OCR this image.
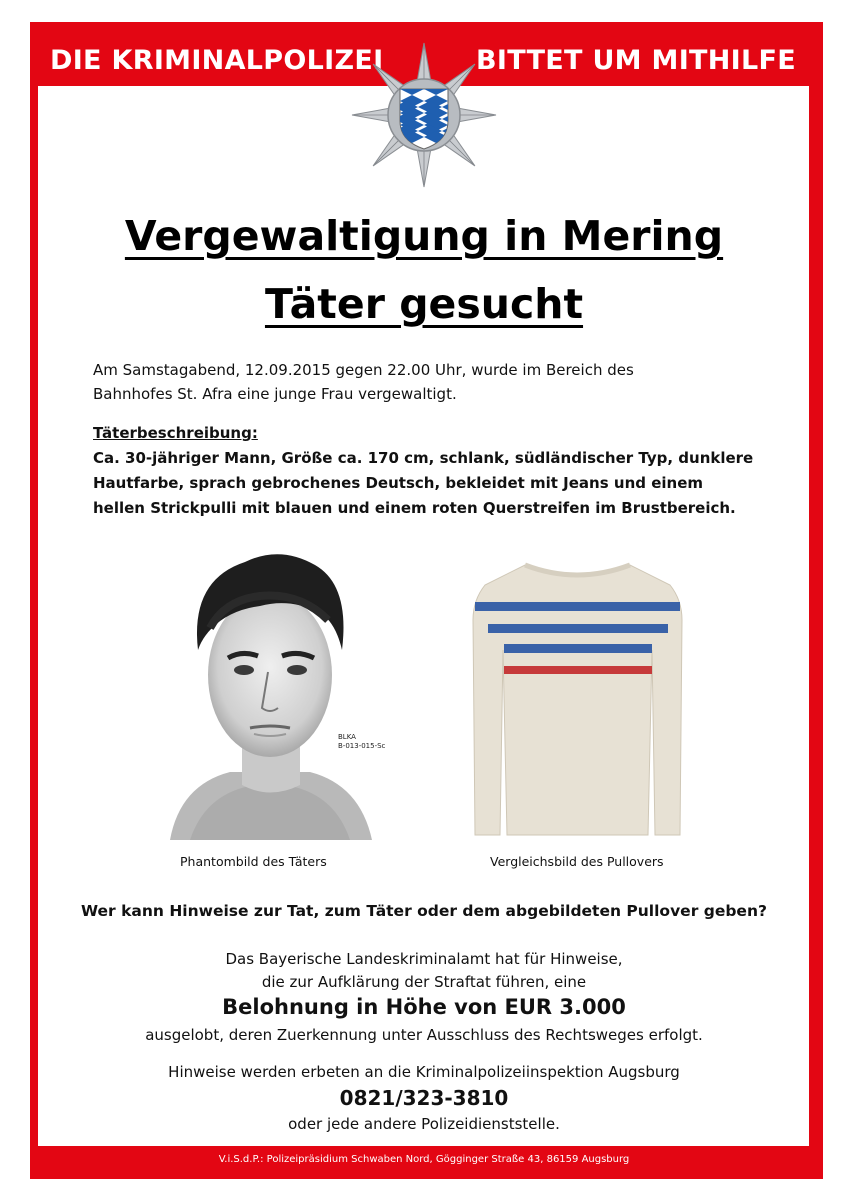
DIE KRIMINALPOLIZEI	BITTET UM MITHILFE
Vergewaltigung in Mering
Täter gesucht
Am Samstagabend, 12.09.2015 gegen 22.00 Uhr, wurde im Bereich des
Bahnhofes St. Afra eine junge Frau vergewaltigt.
Täterbeschreibung:
Ca. 30-jähriger Mann, Größe ca. 170 cm, schlank, südländischer Typ, dunklere
Hautfarbe, sprach gebrochenes Deutsch, bekleidet mit Jeans und einem
hellen Strickpulli mit blauen und einem roten Querstreifen im Brustbereich.
BLKA
B-013-015-Sc
Phantombild des Täters	Vergleichsbild des Pullovers
Wer kann Hinweise zur Tat, zum Täter oder dem abgebildeten Pullover geben?
Das Bayerische Landeskriminalamt hat für Hinweise,
die zur Aufklärung der Straftat führen, eine
Belohnung in Höhe von EUR 3.000
ausgelobt, deren Zuerkennung unter Ausschluss des Rechtsweges erfolgt.
Hinweise werden erbeten an die Kriminalpolizeiinspektion Augsburg
0821/323-3810
oder jede andere Polizeidienststelle.
V.i.S.d.P.: Polizeipräsidium Schwaben Nord, Gögginger Straße 43, 86159 Augsburg
